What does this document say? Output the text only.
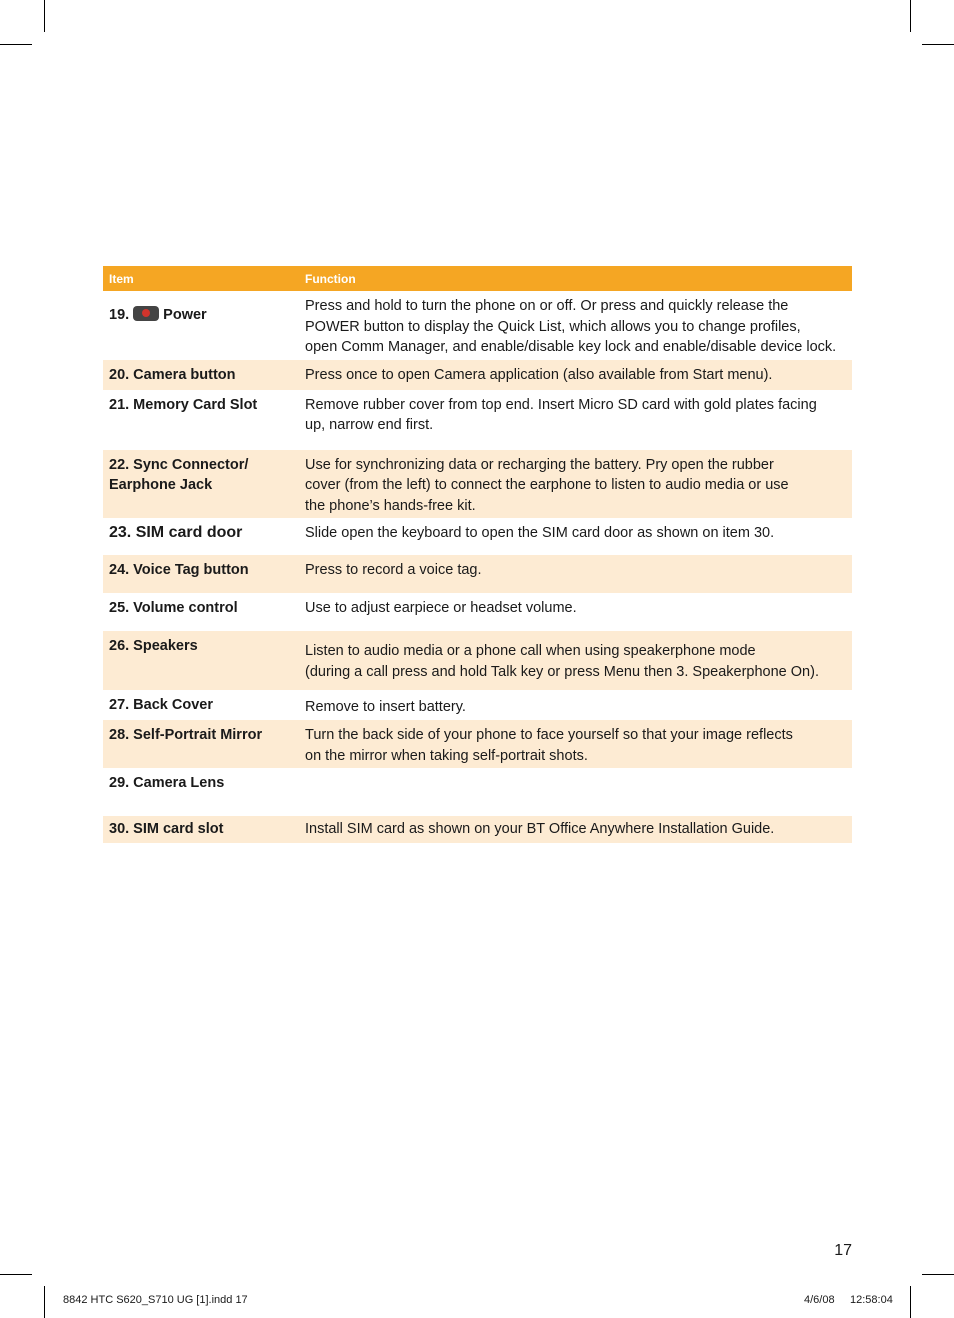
Item	Function
19. Power	Press and hold to turn the phone on or off. Or press and quickly release the
POWER button to display the Quick List, which allows you to change profiles,
open Comm Manager, and enable/disable key lock and enable/disable device lock.
20. Camera button	Press once to open Camera application (also available from Start menu).
21. Memory Card Slot	Remove rubber cover from top end. Insert Micro SD card with gold plates facing
up, narrow end first.
22. Sync Connector/
Earphone Jack	Use for synchronizing data or recharging the battery. Pry open the rubber
cover (from the left) to connect the earphone to listen to audio media or use
the phone’s hands-free kit.
23. SIM card door	Slide open the keyboard to open the SIM card door as shown on item 30.
24. Voice Tag button	Press to record a voice tag.
25. Volume control	Use to adjust earpiece or headset volume.
26. Speakers	Listen to audio media or a phone call when using speakerphone mode
(during a call press and hold Talk key or press Menu then 3. Speakerphone On).
27. Back Cover	Remove to insert battery.
28. Self-Portrait Mirror	Turn the back side of your phone to face yourself so that your image reflects
on the mirror when taking self-portrait shots.
29. Camera Lens	
30. SIM card slot	Install SIM card as shown on your BT Office Anywhere Installation Guide.
17
8842 HTC S620_S710 UG [1].indd 17	4/6/08 12:58:04
